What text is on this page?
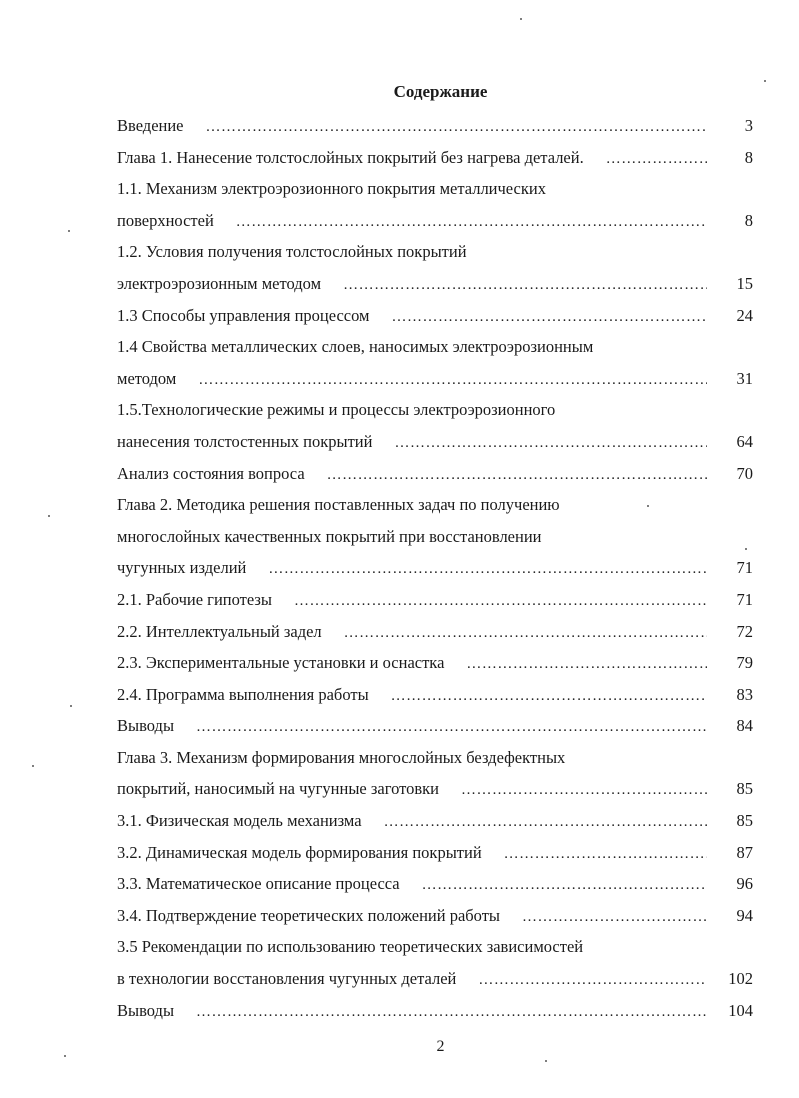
Содержание
Введение ………………………………………………………………………………………………………………………………………………………………………	3
Глава 1. Нанесение толстослойных покрытий без нагрева деталей. ………………………………………………………………………………………………………………………………………………………………………	8
1.1. Механизм электроэрозионного покрытия металлических
поверхностей ………………………………………………………………………………………………………………………………………………………………………	8
1.2. Условия получения толстослойных покрытий
электроэрозионным методом ………………………………………………………………………………………………………………………………………………………………………	15
1.3 Способы управления процессом ………………………………………………………………………………………………………………………………………………………………………	24
1.4 Свойства металлических слоев, наносимых электроэрозионным
методом ………………………………………………………………………………………………………………………………………………………………………	31
1.5.Технологические режимы и процессы электроэрозионного
нанесения толстостенных покрытий ………………………………………………………………………………………………………………………………………………………………………	64
Анализ состояния вопроса ………………………………………………………………………………………………………………………………………………………………………	70
Глава 2. Методика решения поставленных задач по получению
многослойных качественных покрытий при восстановлении
чугунных изделий ………………………………………………………………………………………………………………………………………………………………………	71
2.1. Рабочие гипотезы ………………………………………………………………………………………………………………………………………………………………………	71
2.2. Интеллектуальный задел ………………………………………………………………………………………………………………………………………………………………………	72
2.3. Экспериментальные установки и оснастка ………………………………………………………………………………………………………………………………………………………………………	79
2.4. Программа выполнения работы ………………………………………………………………………………………………………………………………………………………………………	83
Выводы ………………………………………………………………………………………………………………………………………………………………………	84
Глава 3. Механизм формирования многослойных бездефектных
покрытий, наносимый на чугунные заготовки ………………………………………………………………………………………………………………………………………………………………………	85
3.1. Физическая модель механизма ………………………………………………………………………………………………………………………………………………………………………	85
3.2. Динамическая модель формирования покрытий ………………………………………………………………………………………………………………………………………………………………………	87
3.3. Математическое описание процесса ………………………………………………………………………………………………………………………………………………………………………	96
3.4. Подтверждение теоретических положений работы ………………………………………………………………………………………………………………………………………………………………………	94
3.5 Рекомендации по использованию теоретических зависимостей
в технологии восстановления чугунных деталей ………………………………………………………………………………………………………………………………………………………………………	102
Выводы ………………………………………………………………………………………………………………………………………………………………………	104
2
